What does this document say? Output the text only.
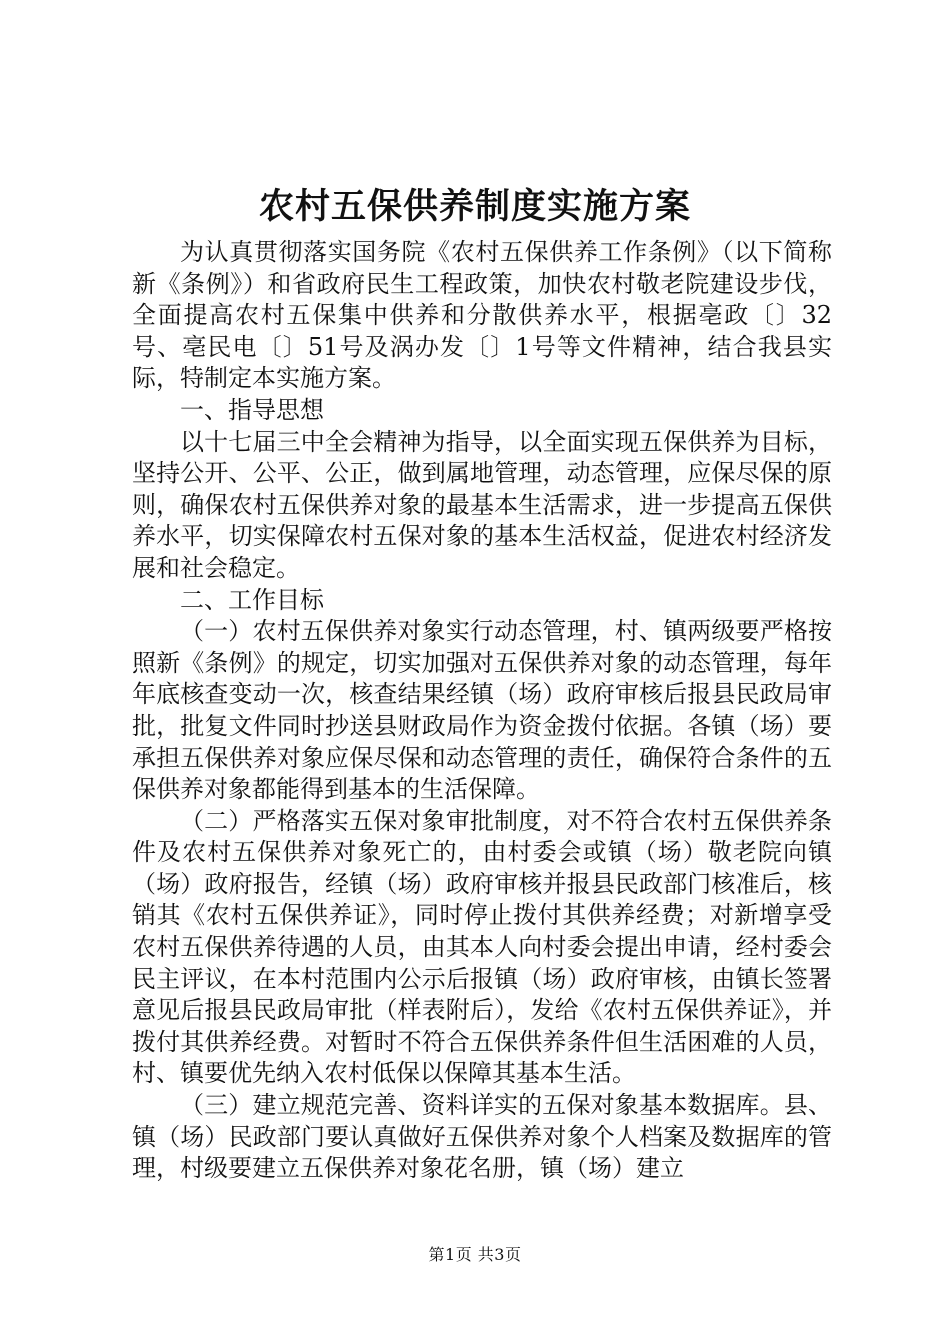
农村五保供养制度实施方案

为认真贯彻落实国务院《农村五保供养工作条例》（以下简称新《条例》）和省政府民生工程政策，加快农村敬老院建设步伐，全面提高农村五保集中供养和分散供养水平，根据亳政〔〕32号、亳民电〔〕51号及涡办发〔〕1号等文件精神，结合我县实际，特制定本实施方案。

一、指导思想

以十七届三中全会精神为指导，以全面实现五保供养为目标，坚持公开、公平、公正，做到属地管理，动态管理，应保尽保的原则，确保农村五保供养对象的最基本生活需求，进一步提高五保供养水平，切实保障农村五保对象的基本生活权益，促进农村经济发展和社会稳定。

二、工作目标

（一）农村五保供养对象实行动态管理，村、镇两级要严格按照新《条例》的规定，切实加强对五保供养对象的动态管理，每年年底核查变动一次，核查结果经镇（场）政府审核后报县民政局审批，批复文件同时抄送县财政局作为资金拨付依据。各镇（场）要承担五保供养对象应保尽保和动态管理的责任，确保符合条件的五保供养对象都能得到基本的生活保障。

（二）严格落实五保对象审批制度，对不符合农村五保供养条件及农村五保供养对象死亡的，由村委会或镇（场）敬老院向镇（场）政府报告，经镇（场）政府审核并报县民政部门核准后，核销其《农村五保供养证》，同时停止拨付其供养经费；对新增享受农村五保供养待遇的人员，由其本人向村委会提出申请，经村委会民主评议，在本村范围内公示后报镇（场）政府审核，由镇长签署意见后报县民政局审批（样表附后），发给《农村五保供养证》，并拨付其供养经费。对暂时不符合五保供养条件但生活困难的人员，村、镇要优先纳入农村低保以保障其基本生活。

（三）建立规范完善、资料详实的五保对象基本数据库。县、镇（场）民政部门要认真做好五保供养对象个人档案及数据库的管理，村级要建立五保供养对象花名册，镇（场）建立

第1页 共3页
